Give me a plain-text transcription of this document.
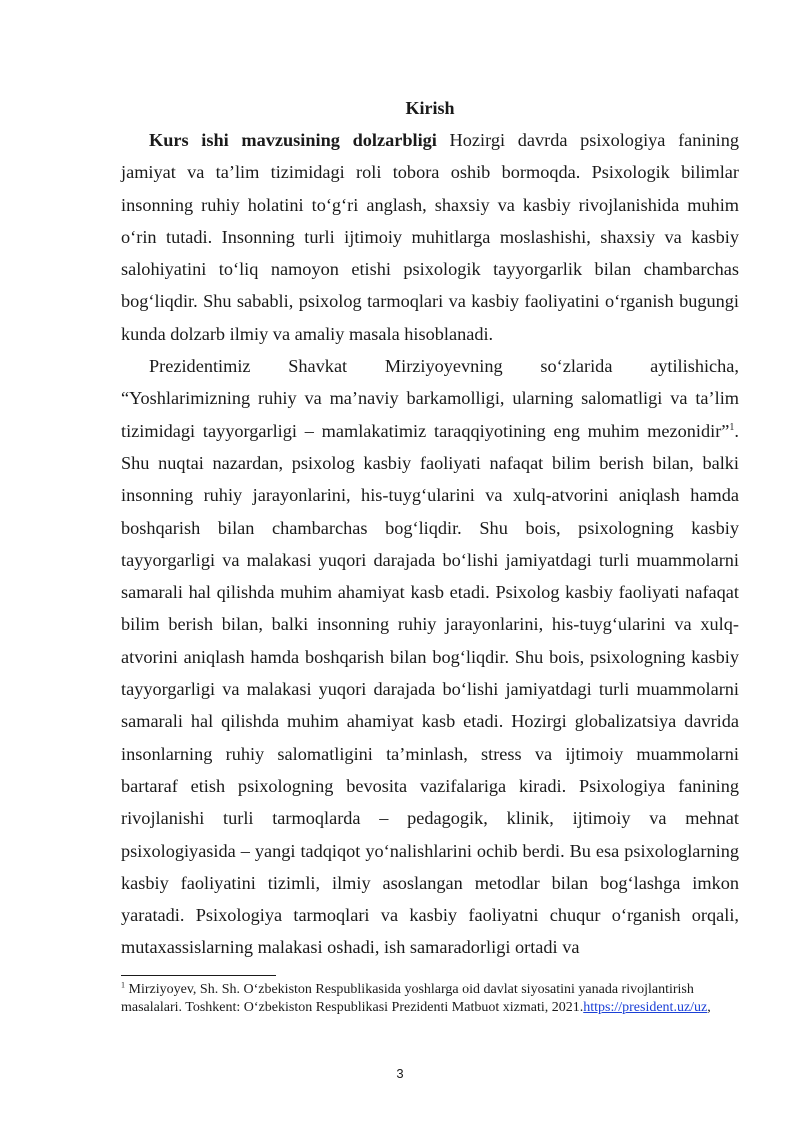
Kirish

Kurs ishi mavzusining dolzarbligi Hozirgi davrda psixologiya fanining jamiyat va ta’lim tizimidagi roli tobora oshib bormoqda. Psixologik bilimlar insonning ruhiy holatini to‘g‘ri anglash, shaxsiy va kasbiy rivojlanishida muhim o‘rin tutadi. Insonning turli ijtimoiy muhitlarga moslashishi, shaxsiy va kasbiy salohiyatini to‘liq namoyon etishi psixologik tayyorgarlik bilan chambarchas bog‘liqdir. Shu sababli, psixolog tarmoqlari va kasbiy faoliyatini o‘rganish bugungi kunda dolzarb ilmiy va amaliy masala hisoblanadi.

Prezidentimiz Shavkat Mirziyoyevning so‘zlarida aytilishicha, “Yoshlarimizning ruhiy va ma’naviy barkamolligi, ularning salomatligi va ta’lim tizimidagi tayyorgarligi – mamlakatimiz taraqqiyotining eng muhim mezonidir”$^1$. Shu nuqtai nazardan, psixolog kasbiy faoliyati nafaqat bilim berish bilan, balki insonning ruhiy jarayonlarini, his-tuyg‘ularini va xulq-atvorini aniqlash hamda boshqarish bilan chambarchas bog‘liqdir. Shu bois, psixologning kasbiy tayyorgarligi va malakasi yuqori darajada bo‘lishi jamiyatdagi turli muammolarni samarali hal qilishda muhim ahamiyat kasb etadi. Psixolog kasbiy faoliyati nafaqat bilim berish bilan, balki insonning ruhiy jarayonlarini, his-tuyg‘ularini va xulq-atvorini aniqlash hamda boshqarish bilan bog‘liqdir. Shu bois, psixologning kasbiy tayyorgarligi va malakasi yuqori darajada bo‘lishi jamiyatdagi turli muammolarni samarali hal qilishda muhim ahamiyat kasb etadi. Hozirgi globalizatsiya davrida insonlarning ruhiy salomatligini ta’minlash, stress va ijtimoiy muammolarni bartaraf etish psixologning bevosita vazifalariga kiradi. Psixologiya fanining rivojlanishi turli tarmoqlarda – pedagogik, klinik, ijtimoiy va mehnat psixologiyasida – yangi tadqiqot yo‘nalishlarini ochib berdi. Bu esa psixologlarning kasbiy faoliyatini tizimli, ilmiy asoslangan metodlar bilan bog‘lashga imkon yaratadi. Psixologiya tarmoqlari va kasbiy faoliyatni chuqur o‘rganish orqali, mutaxassislarning malakasi oshadi, ish samaradorligi ortadi va

$^1$ Mirziyoyev, Sh. Sh. O‘zbekiston Respublikasida yoshlarga oid davlat siyosatini yanada rivojlantirish masalalari. Toshkent: O‘zbekiston Respublikasi Prezidenti Matbuot xizmati, 2021.https://president.uz/uz,

3
